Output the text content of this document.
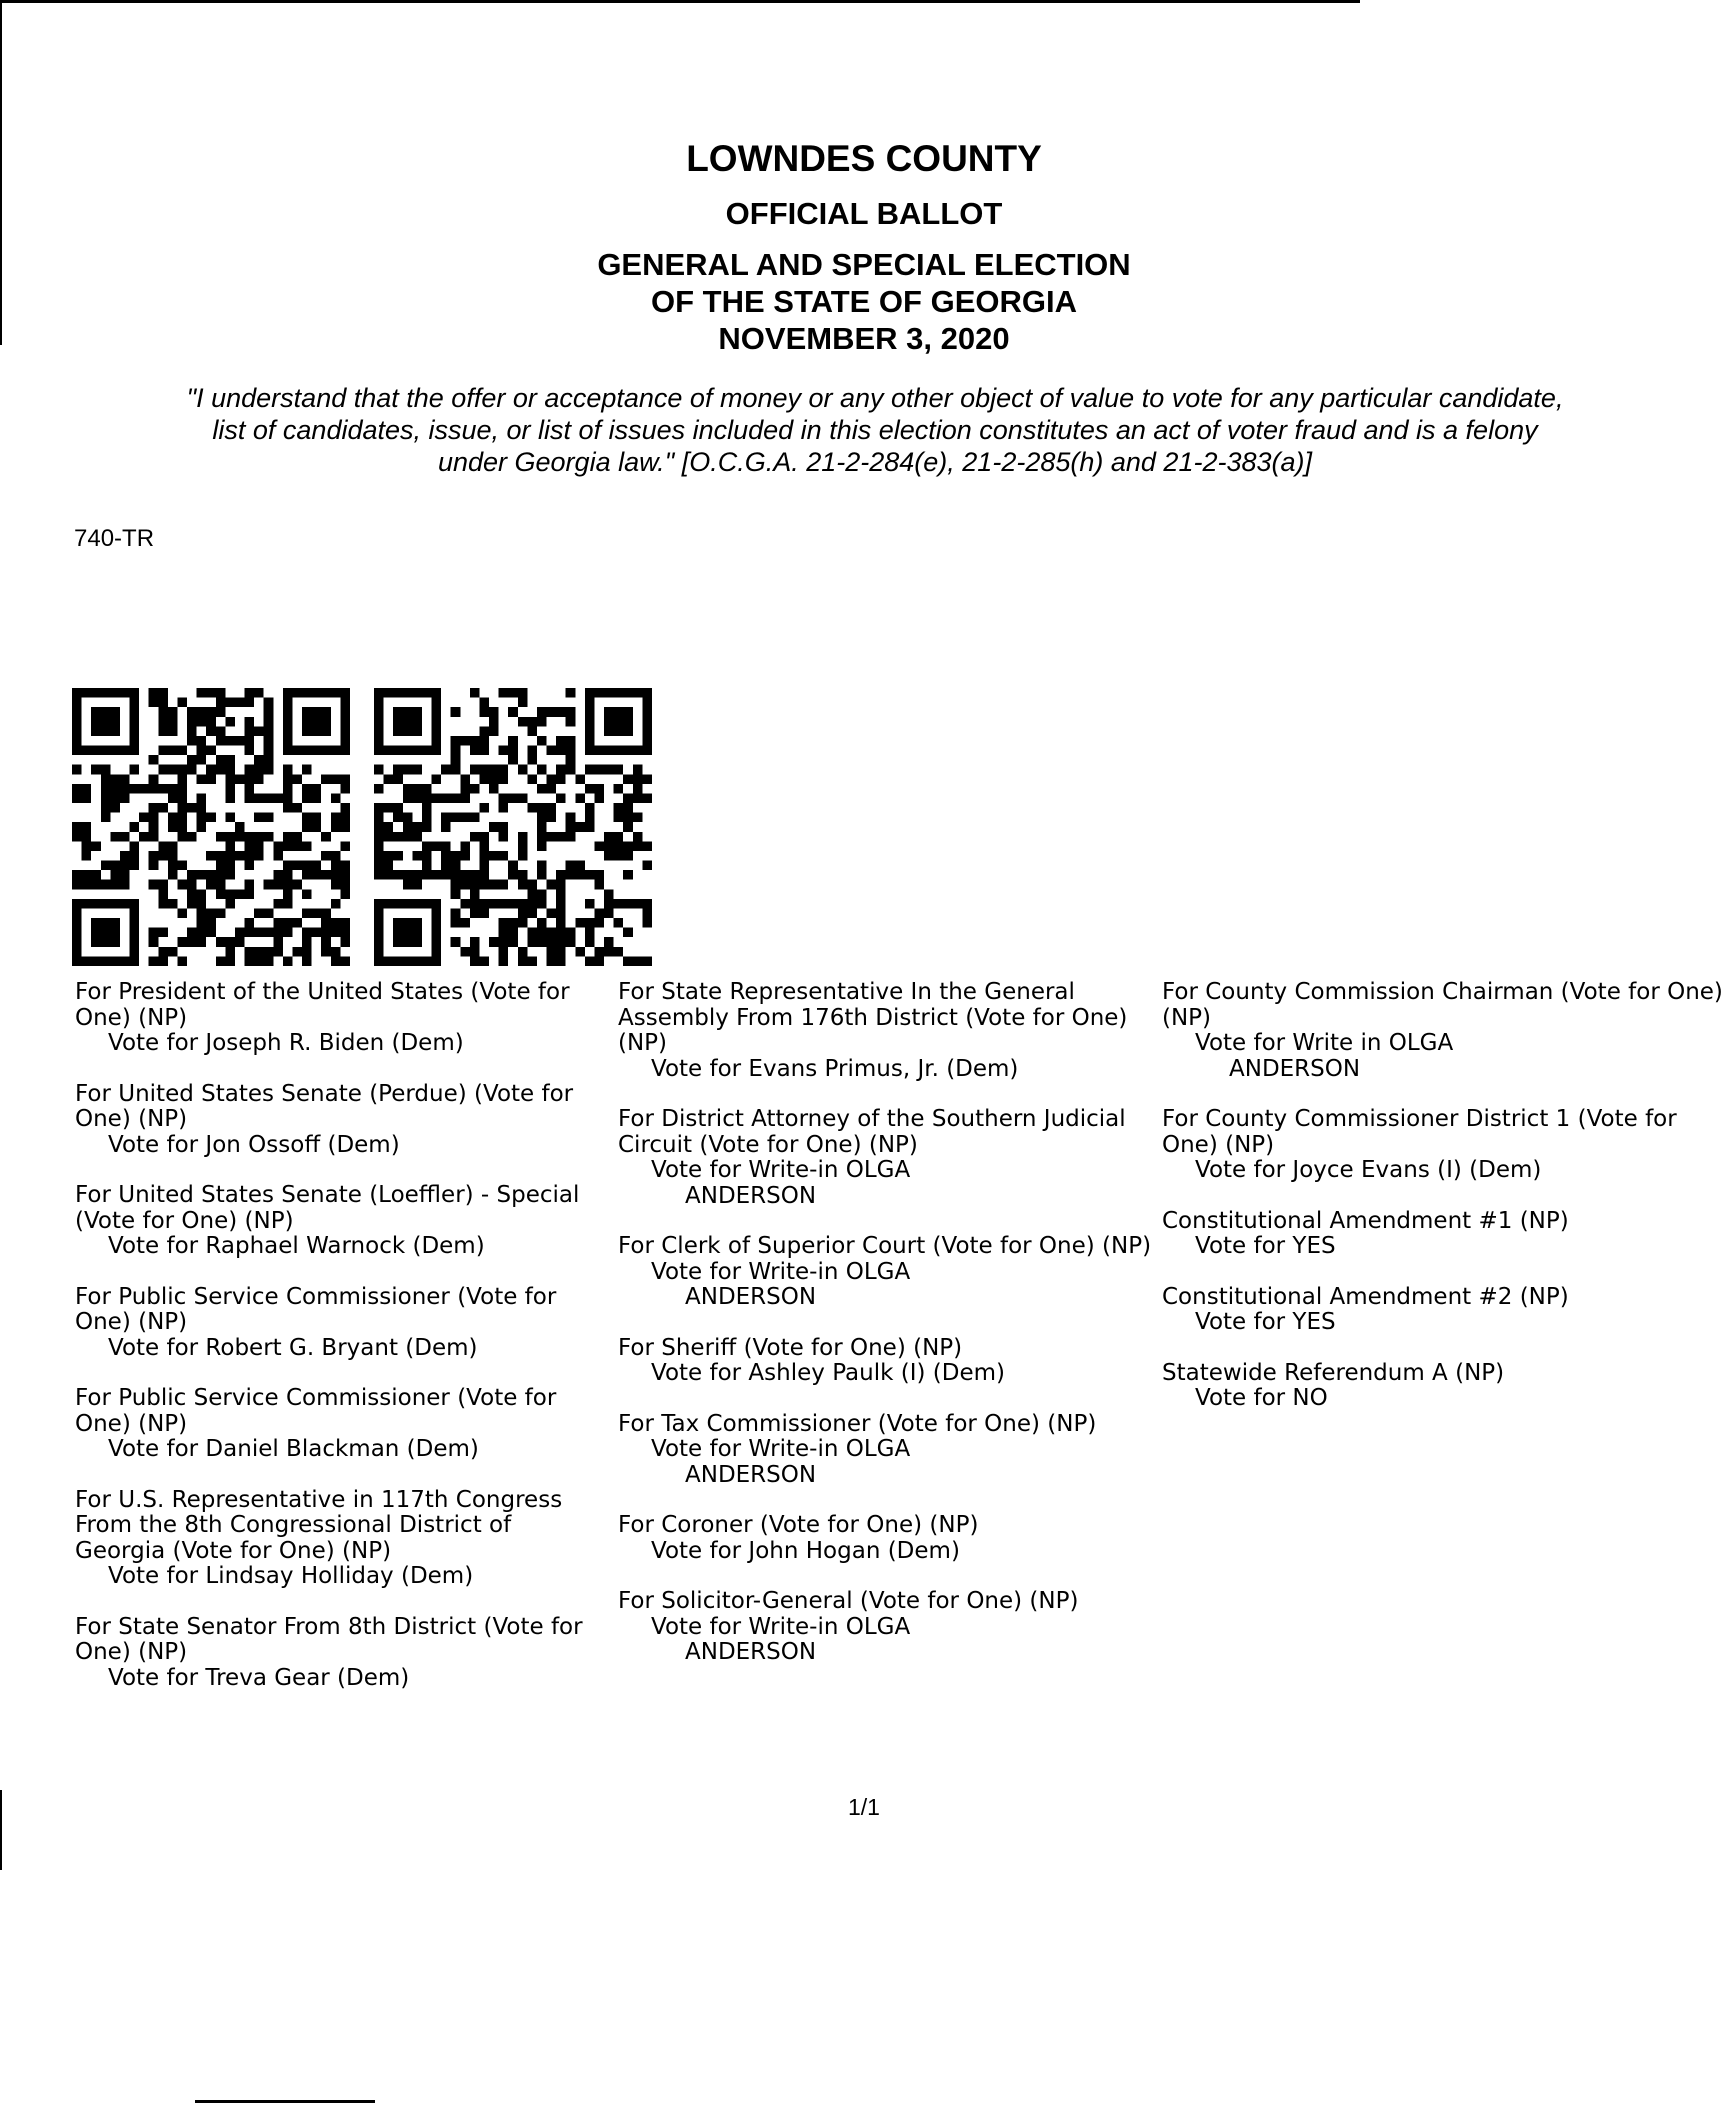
LOWNDES COUNTY
OFFICIAL BALLOT
GENERAL AND SPECIAL ELECTION
OF THE STATE OF GEORGIA
NOVEMBER 3, 2020
"I understand that the offer or acceptance of money or any other object of value to vote for any particular candidate,
list of candidates, issue, or list of issues included in this election constitutes an act of voter fraud and is a felony
under Georgia law." [O.C.G.A. 21-2-284(e), 21-2-285(h) and 21-2-383(a)]
740-TR
For President of the United States (Vote for One) (NP)
Vote for Joseph R. Biden (Dem)
For United States Senate (Perdue) (Vote for One) (NP)
Vote for Jon Ossoff (Dem)
For United States Senate (Loeffler) - Special (Vote for One) (NP)
Vote for Raphael Warnock (Dem)
For Public Service Commissioner (Vote for One) (NP)
Vote for Robert G. Bryant (Dem)
For Public Service Commissioner (Vote for One) (NP)
Vote for Daniel Blackman (Dem)
For U.S. Representative in 117th Congress From the 8th Congressional District of Georgia (Vote for One) (NP)
Vote for Lindsay Holliday (Dem)
For State Senator From 8th District (Vote for One) (NP)
Vote for Treva Gear (Dem)
For State Representative In the General Assembly From 176th District (Vote for One) (NP)
Vote for Evans Primus, Jr. (Dem)
For District Attorney of the Southern Judicial Circuit (Vote for One) (NP)
Vote for Write-in OLGA
ANDERSON
For Clerk of Superior Court (Vote for One) (NP)
Vote for Write-in OLGA
ANDERSON
For Sheriff (Vote for One) (NP)
Vote for Ashley Paulk (I) (Dem)
For Tax Commissioner (Vote for One) (NP)
Vote for Write-in OLGA
ANDERSON
For Coroner (Vote for One) (NP)
Vote for John Hogan (Dem)
For Solicitor-General (Vote for One) (NP)
Vote for Write-in OLGA
ANDERSON
For County Commission Chairman (Vote for One) (NP)
Vote for Write in OLGA
ANDERSON
For County Commissioner District 1 (Vote for One) (NP)
Vote for Joyce Evans (I) (Dem)
Constitutional Amendment #1 (NP)
Vote for YES
Constitutional Amendment #2 (NP)
Vote for YES
Statewide Referendum A (NP)
Vote for NO
1/1
